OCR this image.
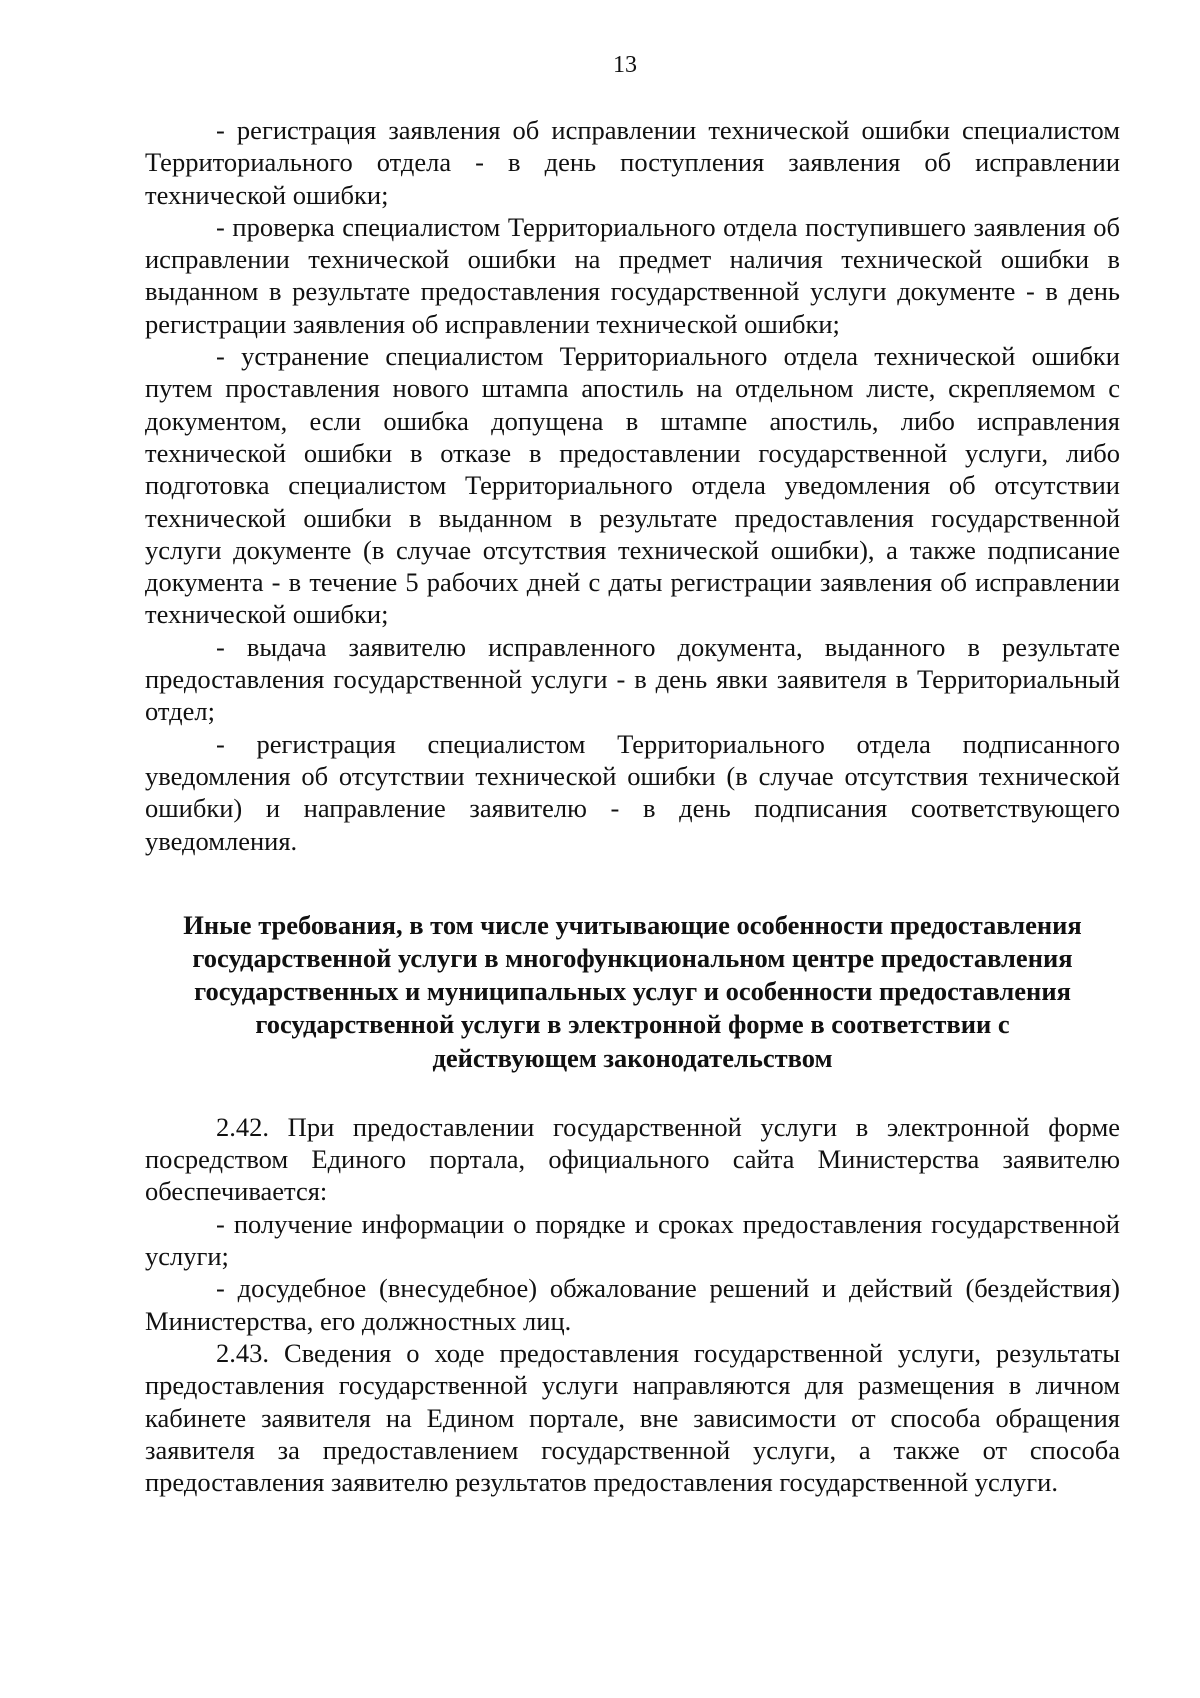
13

- регистрация заявления об исправлении технической ошибки специалистом Территориального отдела - в день поступления заявления об исправлении технической ошибки;

- проверка специалистом Территориального отдела поступившего заявления об исправлении технической ошибки на предмет наличия технической ошибки в выданном в результате предоставления государственной услуги документе - в день регистрации заявления об исправлении технической ошибки;

- устранение специалистом Территориального отдела технической ошибки путем проставления нового штампа апостиль на отдельном листе, скрепляемом с документом, если ошибка допущена в штампе апостиль, либо исправления технической ошибки в отказе в предоставлении государственной услуги, либо подготовка специалистом Территориального отдела уведомления об отсутствии технической ошибки в выданном в результате предоставления государственной услуги документе (в случае отсутствия технической ошибки), а также подписание документа - в течение 5 рабочих дней с даты регистрации заявления об исправлении технической ошибки;

- выдача заявителю исправленного документа, выданного в результате предоставления государственной услуги - в день явки заявителя в Территориальный отдел;

- регистрация специалистом Территориального отдела подписанного уведомления об отсутствии технической ошибки (в случае отсутствия технической ошибки) и направление заявителю - в день подписания соответствующего уведомления.

Иные требования, в том числе учитывающие особенности предоставления
государственной услуги в многофункциональном центре предоставления
государственных и муниципальных услуг и особенности предоставления
государственной услуги в электронной форме в соответствии с
действующем законодательством

2.42. При предоставлении государственной услуги в электронной форме посредством Единого портала, официального сайта Министерства заявителю обеспечивается:

- получение информации о порядке и сроках предоставления государственной услуги;

- досудебное (внесудебное) обжалование решений и действий (бездействия) Министерства, его должностных лиц.

2.43. Сведения о ходе предоставления государственной услуги, результаты предоставления государственной услуги направляются для размещения в личном кабинете заявителя на Едином портале, вне зависимости от способа обращения заявителя за предоставлением государственной услуги, а также от способа предоставления заявителю результатов предоставления государственной услуги.
